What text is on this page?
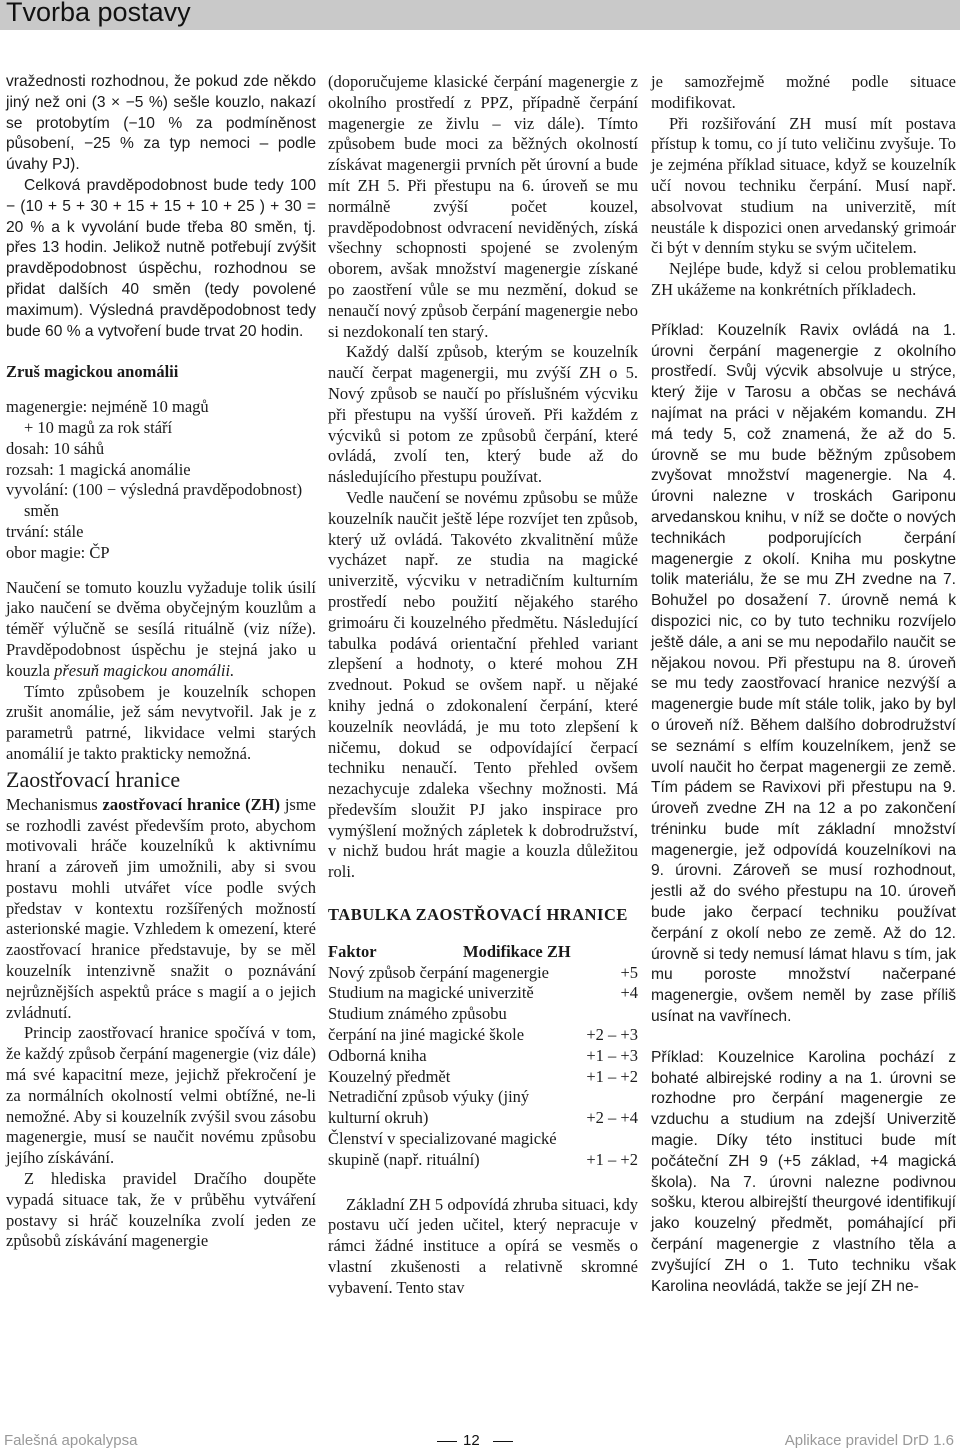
Tvorba postavy

vražednosti rozhodnou, že pokud zde někdo jiný než oni (3 × −5 %) sešle kouzlo, nakazí se protobytím (−10 % za podmíněnost působení, −25 % za typ nemoci – podle úvahy PJ).

Celková pravděpodobnost bude tedy 100 − (10 + 5 + 30 + 15 + 15 + 10 + 25 ) + 30 = 20 % a k vyvolání bude třeba 80 směn, tj. přes 13 hodin. Jelikož nutně potřebují zvýšit pravděpodobnost úspěchu, rozhodnou se přidat dalších 40 směn (tedy povolené maximum). Výsledná pravděpodobnost tedy bude 60 % a vytvoření bude trvat 20 hodin.

Zruš magickou anomálii

magenergie: nejméně 10 magů

+ 10 magů za rok stáří

dosah: 10 sáhů

rozsah: 1 magická anomálie

vyvolání: (100 − výsledná pravděpodobnost) směn

trvání: stále

obor magie: ČP

Naučení se tomuto kouzlu vyžaduje tolik úsilí jako naučení se dvěma obyčejným kouzlům a téměř výlučně se sesílá rituálně (viz níže). Pravděpodobnost úspěchu je stejná jako u kouzla přesuň magickou anomálii.

Tímto způsobem je kouzelník schopen zrušit anomálie, jež sám nevytvořil. Jak je z parametrů patrné, likvidace velmi starých anomálií je takto prakticky nemožná.

Zaostřovací hranice

Mechanismus zaostřovací hranice (ZH) jsme se rozhodli zavést především proto, abychom motivovali hráče kouzelníků k aktivnímu hraní a zároveň jim umožnili, aby si svou postavu mohli utvářet více podle svých představ v kontextu rozšířených možností asterionské magie. Vzhledem k omezení, které zaostřovací hranice představuje, by se měl kouzelník intenzivně snažit o poznávání nejrůznějších aspektů práce s magií a o jejich zvládnutí.

Princip zaostřovací hranice spočívá v tom, že každý způsob čerpání magenergie (viz dále) má své kapacitní meze, jejichž překročení je za normálních okolností velmi obtížné, ne-li nemožné. Aby si kouzelník zvýšil svou zásobu magenergie, musí se naučit novému způsobu jejího získávání.

Z hlediska pravidel Dračího doupěte vypadá situace tak, že v průběhu vytváření postavy si hráč kouzelníka zvolí jeden ze způsobů získávání magenergie

(doporučujeme klasické čerpání magenergie z okolního prostředí z PPZ, případně čerpání magenergie ze živlu – viz dále). Tímto způsobem bude moci za běžných okolností získávat magenergii prvních pět úrovní a bude mít ZH 5. Při přestupu na 6. úroveň se mu normálně zvýší počet kouzel, pravděpodobnost odvracení neviděných, získá všechny schopnosti spojené se zvoleným oborem, avšak množství magenergie získané po zaostření vůle se mu nezmění, dokud se nenaučí nový způsob čerpání magenergie nebo si nezdokonalí ten starý.

Každý další způsob, kterým se kouzelník naučí čerpat magenergii, mu zvýší ZH o 5. Nový způsob se naučí po příslušném výcviku při přestupu na vyšší úroveň. Při každém z výcviků si potom ze způsobů čerpání, které ovládá, zvolí ten, který bude až do následujícího přestupu používat.

Vedle naučení se novému způsobu se může kouzelník naučit ještě lépe rozvíjet ten způsob, který už ovládá. Takovéto zkvalitnění může vycházet např. ze studia na magické univerzitě, výcviku v netradičním kulturním prostředí nebo použití nějakého starého grimoáru či kouzelného předmětu. Následující tabulka podává orientační přehled variant zlepšení a hodnoty, o které mohou ZH zvednout. Pokud se ovšem např. u nějaké knihy jedná o zdokonalení čerpání, které kouzelník neovládá, je mu toto zlepšení k ničemu, dokud se odpovídající čerpací techniku nenaučí. Tento přehled ovšem nezachycuje zdaleka všechny možnosti. Má především sloužit PJ jako inspirace pro vymýšlení možných zápletek k dobrodružství, v nichž budou hrát magie a kouzla důležitou roli.

TABULKA ZAOSTŘOVACÍ HRANICE

Faktor	Modifikace ZH
Nový způsob čerpání magenergie	+5
Studium na magické univerzitě	+4
Studium známého způsobu čerpání na jiné magické škole	+2 – +3
Odborná kniha	+1 – +3
Kouzelný předmět	+1 – +2
Netradiční způsob výuky (jiný kulturní okruh)	+2 – +4
Členství v specializované magické skupině (např. rituální)	+1 – +2

Základní ZH 5 odpovídá zhruba situaci, kdy postavu učí jeden učitel, který nepracuje v rámci žádné instituce a opírá se vesměs o vlastní zkušenosti a relativně skromné vybavení. Tento stav

je samozřejmě možné podle situace modifikovat.

Při rozšiřování ZH musí mít postava přístup k tomu, co jí tuto veličinu zvyšuje. To je zejména příklad situace, když se kouzelník učí novou techniku čerpání. Musí např. absolvovat studium na univerzitě, mít neustále k dispozici onen arvedanský grimoár či být v denním styku se svým učitelem.

Nejlépe bude, když si celou problematiku ZH ukážeme na konkrétních příkladech.

Příklad: Kouzelník Ravix ovládá na 1. úrovni čerpání magenergie z okolního prostředí. Svůj výcvik absolvuje u strýce, který žije v Tarosu a občas se nechává najímat na práci v nějakém komandu. ZH má tedy 5, což znamená, že až do 5. úrovně se mu bude běžným způsobem zvyšovat množství magenergie. Na 4. úrovni nalezne v troskách Gariponu arvedanskou knihu, v níž se dočte o nových technikách podporujících čerpání magenergie z okolí. Kniha mu poskytne tolik materiálu, že se mu ZH zvedne na 7. Bohužel po dosažení 7. úrovně nemá k dispozici nic, co by tuto techniku rozvíjelo ještě dále, a ani se mu nepodařilo naučit se nějakou novou. Při přestupu na 8. úroveň se mu tedy zaostřovací hranice nezvýší a magenergie bude mít stále tolik, jako by byl o úroveň níž. Během dalšího dobrodružství se seznámí s elfím kouzelníkem, jenž se uvolí naučit ho čerpat magenergii ze země. Tím pádem se Ravixovi při přestupu na 9. úroveň zvedne ZH na 12 a po zakončení tréninku bude mít základní množství magenergie, jež odpovídá kouzelníkovi na 9. úrovni. Zároveň se musí rozhodnout, jestli až do svého přestupu na 10. úroveň bude jako čerpací techniku používat čerpání z okolí nebo ze země. Až do 12. úrovně si tedy nemusí lámat hlavu s tím, jak mu poroste množství načerpané magenergie, ovšem neměl by zase příliš usínat na vavřínech.

Příklad: Kouzelnice Karolina pochází z bohaté albirejské rodiny a na 1. úrovni se rozhodne pro čerpání magenergie ze vzduchu a studium na zdejší Univerzitě magie. Díky této instituci bude mít počáteční ZH 9 (+5 základ, +4 magická škola). Na 7. úrovni nalezne podivnou sošku, kterou albirejští theurgové identifikují jako kouzelný předmět, pomáhající při čerpání magenergie z vlastního těla a zvyšující ZH o 1. Tuto techniku však Karolina neovládá, takže se její ZH ne-

Falešná apokalypsa	12	Aplikace pravidel DrD 1.6
